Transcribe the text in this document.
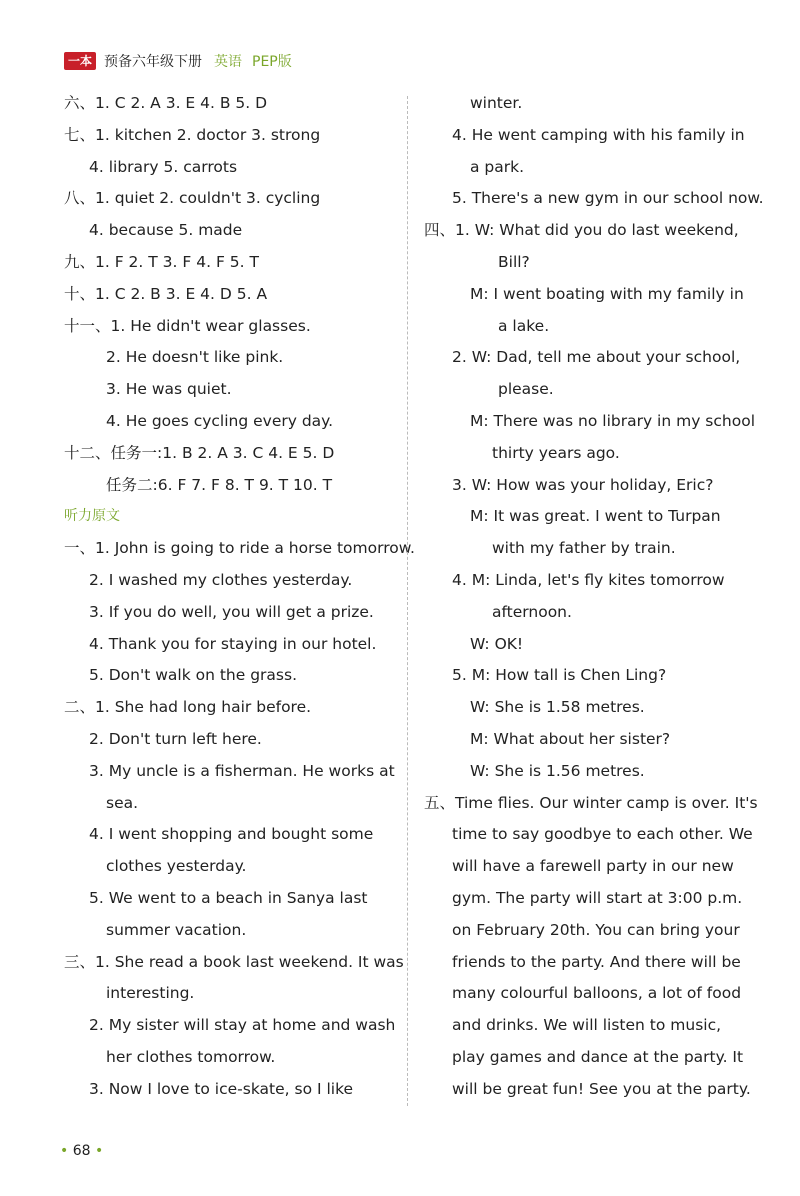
一本 预备六年级下册 英语 PEP版
六、1. C 2. A 3. E 4. B 5. D
七、1. kitchen 2. doctor 3. strong
4. library 5. carrots
八、1. quiet 2. couldn't 3. cycling
4. because 5. made
九、1. F 2. T 3. F 4. F 5. T
十、1. C 2. B 3. E 4. D 5. A
十一、1. He didn't wear glasses.
2. He doesn't like pink.
3. He was quiet.
4. He goes cycling every day.
十二、任务一:1. B 2. A 3. C 4. E 5. D
任务二:6. F 7. F 8. T 9. T 10. T
听力原文
一、1. John is going to ride a horse tomorrow.
2. I washed my clothes yesterday.
3. If you do well, you will get a prize.
4. Thank you for staying in our hotel.
5. Don't walk on the grass.
二、1. She had long hair before.
2. Don't turn left here.
3. My uncle is a fisherman. He works at
sea.
4. I went shopping and bought some
clothes yesterday.
5. We went to a beach in Sanya last
summer vacation.
三、1. She read a book last weekend. It was
interesting.
2. My sister will stay at home and wash
her clothes tomorrow.
3. Now I love to ice-skate, so I like
winter.
4. He went camping with his family in
a park.
5. There's a new gym in our school now.
四、1. W: What did you do last weekend,
Bill?
M: I went boating with my family in
a lake.
2. W: Dad, tell me about your school,
please.
M: There was no library in my school
thirty years ago.
3. W: How was your holiday, Eric?
M: It was great. I went to Turpan
with my father by train.
4. M: Linda, let's fly kites tomorrow
afternoon.
W: OK!
5. M: How tall is Chen Ling?
W: She is 1.58 metres.
M: What about her sister?
W: She is 1.56 metres.
五、Time flies. Our winter camp is over. It's
time to say goodbye to each other. We
will have a farewell party in our new
gym. The party will start at 3:00 p.m.
on February 20th. You can bring your
friends to the party. And there will be
many colourful balloons, a lot of food
and drinks. We will listen to music,
play games and dance at the party. It
will be great fun! See you at the party.
• 68 •
